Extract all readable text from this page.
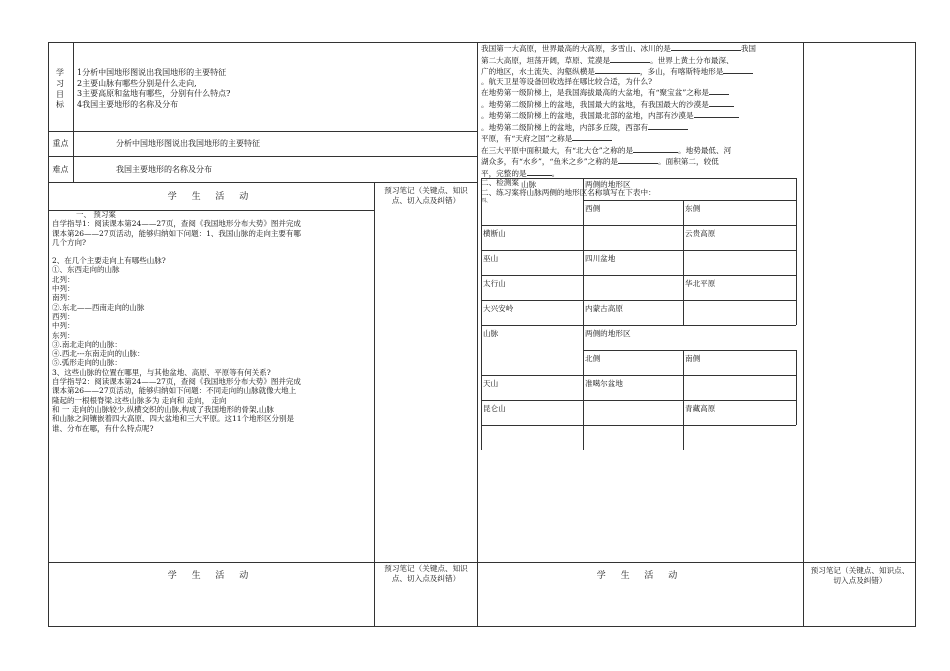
学
习
目
标
1分析中国地形图说出我国地形的主要特征
2主要山脉有哪些分别是什么走向,
3主要高原和盆地有哪些，分别有什么特点?
4我国主要地形的名称及分布
重点	分析中国地形图说出我国地形的主要特征
难点	我国主要地形的名称及分布
学 生 活 动
预习笔记（关键点、知识点、切入点及纠错）
一、 预习案
自学指导1：阅读课本第24——27页，查阅《我国地形分布大势》图并完成
课本第26——27页活动，能够归纳如下问题：1、我国山脉的走向主要有哪
几个方向?
2、在几个主要走向上有哪些山脉?
①、东西走向的山脉
北列：
中列：
南列：
②.东北——西南走向的山脉
西列：
中列：
东列：
③.南北走向的山脉：
④.西北---东南走向的山脉：
⑤.弧形走向的山脉：
3、这些山脉的位置在哪里，与其他盆地、高原、平原等有何关系?
自学指导2：阅读课本第24——27页，查阅《我国地形分布大势》图并完成
课本第26——27页活动，能够归纳如下问题：不同走向的山脉就像大地上
隆起的一根根脊梁.这些山脉多为 走向和 走向， 走向
和 一 走向的山脉较少,纵横交织的山脉,构成了我国地形的骨架,山脉
和山脉之间镶嵌着四大高原、四大盆地和三大平原。这11个地形区分别是
谁、分布在哪，有什么特点呢?
学 生 活 动
预习笔记（关键点、知识点、切入点及纠错）
我国第一大高原，世界最高的大高原，多雪山、冰川的是	我国
第二大高原，坦荡开阔，草原、荒漠是	。世界上黄土分布最深、
广的地区，水土流失、沟壑纵横是	，多山，有喀斯特地形是
。航天卫星等设备回收选择在哪比较合适，为什么?
在地势第一级阶梯上，是我国海拔最高的大盆地，有“聚宝盆”之称是
。地势第二级阶梯上的盆地，我国最大的盆地，有我国最大的沙漠是
。地势第二级阶梯上的盆地，我国最北部的盆地，内部有沙漠是
。地势第二级阶梯上的盆地，内部多丘陵，西部有
平原，有“天府之国”之称是
在三大平原中面积最大，有“北大仓”之称的是	。地势最低、河
湖众多，有“水乡”，“鱼米之乡”之称的是	。面积第二，较低
平，完整的是	。
二、检测案
二、练习案将山脉两侧的地形区名称填写在下表中：
四、
山脉	两侧的地形区
西侧	东侧
横断山	云贵高原
巫山	四川盆地
太行山	华北平原
大兴安岭	内蒙古高原
山脉	两侧的地形区
北侧	南侧
天山	准噶尔盆地
昆仑山	青藏高原
学 生 活 动
预习笔记（关键点、知识点、切入点及纠错）
